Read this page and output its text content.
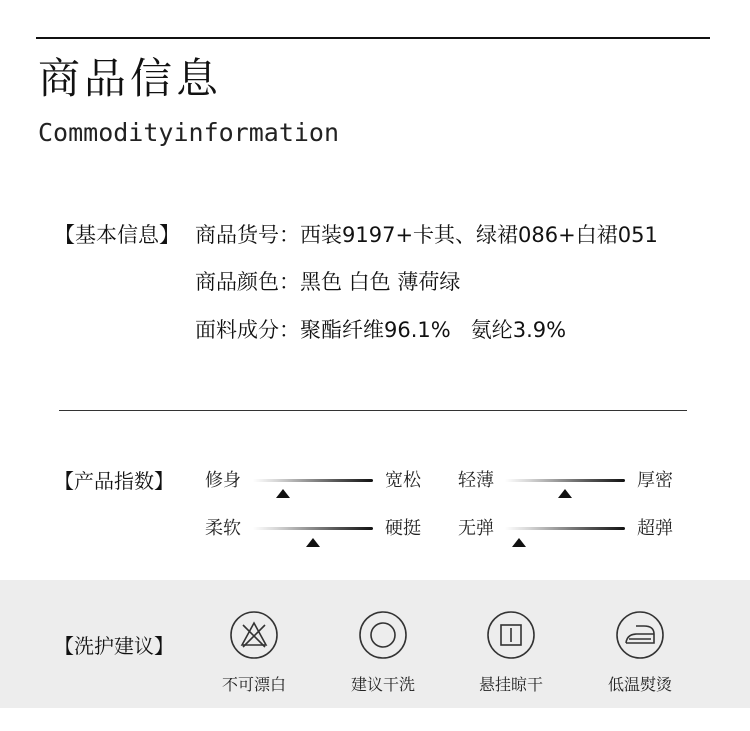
商品信息
Commodityinformation
【基本信息】 商品货号：西装9197+卡其、绿裙086+白裙051
商品颜色：黑色 白色 薄荷绿
面料成分：聚酯纤维96.1%   氨纶3.9%
【产品指数】 修身	宽松 轻薄	厚密
柔软	硬挺 无弹	超弹
【洗护建议】
不可漂白	建议干洗	悬挂晾干	低温熨烫
